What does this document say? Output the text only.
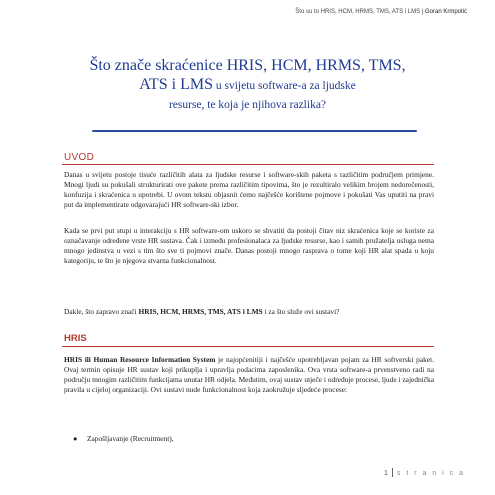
Što su to HRIS, HCM, HRMS, TMS, ATS i LMS | Goran Krmpotić
Što znače skraćenice HRIS, HCM, HRMS, TMS,
ATS i LMS u svijetu software-a za ljudske
resurse, te koja je njihova razlika?
UVOD

Danas u svijetu postoje tisuće različitih alata za ljudske resurse i software-skih paketa s različitim područjem primjene. Mnogi ljudi su pokušali strukturirati ove pakete prema različitim tipovima, što je rezultiralo velikim brojem nedorečenosti, konfuzija i skraćenica u upotrebi. U ovom tekstu objasnit ćemo najčešće korištene pojmove i pokušati Vas uputiti na pravi put da implementirate odgovarajući HR software-ski izbor.

Kada se prvi put stupi u interakciju s HR software-om uskoro se shvatiti da postoji čitav niz skraćenica koje se koriste za označavanje određene vrste HR sustava. Čak i između profesionalaca za ljudske resurse, kao i samih pružatelja usluga nema mnogo jedinstva u vezi s tim što sve ti pojmovi znače. Danas postoji mnogo rasprava o tome koji HR alat spada u koju kategoriju, te što je njegova stvarna funkcionalnost.

Dakle, što zapravo znači HRIS, HCM, HRMS, TMS, ATS i LMS i za što služe ovi sustavi?

HRIS

HRIS ili Human Resource Information System je najopćenitiji i najčešće upotrebljavan pojam za HR softverski paket. Ovaj termin opisuje HR sustav koji prikuplja i upravlja podacima zaposlenika. Ova vrsta software-a prvenstveno radi na području mnogim različitim funkcijama unutar HR odjela. Međutim, ovaj sustav utječe i određuje procese, ljude i zajednička pravila u cijeloj organizaciji. Ovi sustavi nude funkcionalnost koja zaokružuje sljedeće procese:

● Zapošljavanje (Recruitment),
1 s t r a n i c a
